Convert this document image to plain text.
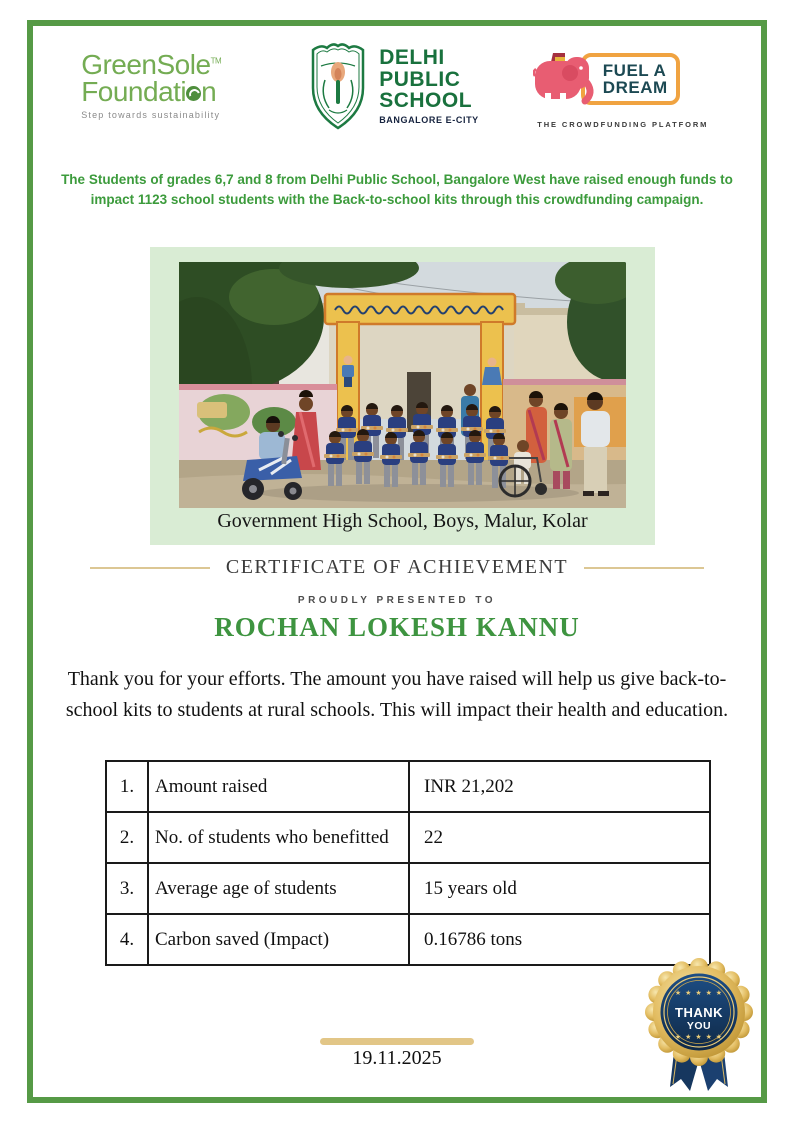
GreenSole™
Foundati n
Step towards sustainability
DELHI
PUBLIC
SCHOOL
BANGALORE E-CITY
FUEL A
DREAM
THE CROWDFUNDING PLATFORM
The Students of grades 6,7 and 8 from Delhi Public School, Bangalore West have raised enough funds to
impact 1123 school students with the Back-to-school kits through this crowdfunding campaign.
Government High School, Boys, Malur, Kolar
CERTIFICATE OF ACHIEVEMENT
PROUDLY PRESENTED TO
ROCHAN LOKESH KANNU
Thank you for your efforts. The amount you have raised will help us give back-to-
school kits to students at rural schools. This will impact their health and education.
1.	Amount raised	INR 21,202
2.	No. of students who benefitted	22
3.	Average age of students	15 years old
4.	Carbon saved (Impact)	0.16786 tons
19.11.2025
★ ★ ★ ★ ★
THANK
YOU
★ ★ ★ ★ ★
